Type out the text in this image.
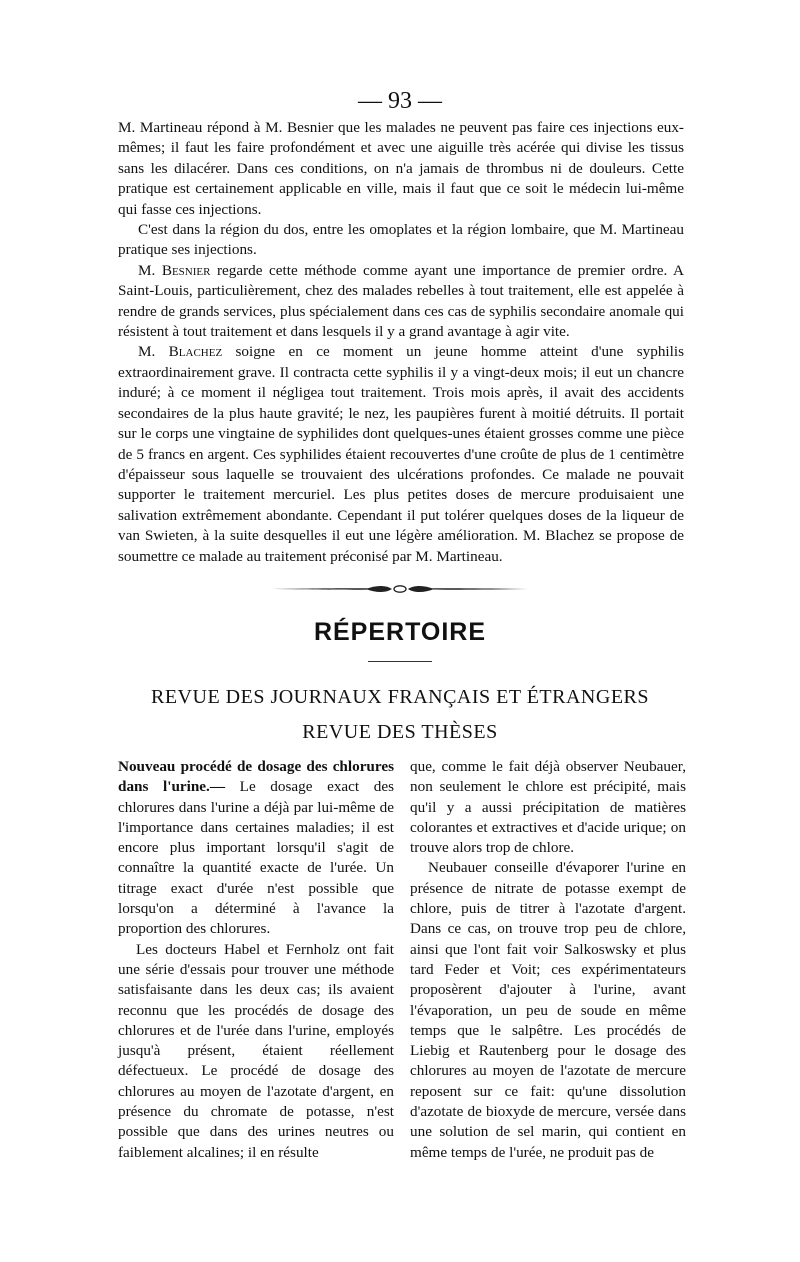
— 93 —

M. Martineau répond à M. Besnier que les malades ne peuvent pas faire ces injections eux-mêmes; il faut les faire profondément et avec une aiguille très acérée qui divise les tissus sans les dilacérer. Dans ces conditions, on n'a jamais de thrombus ni de douleurs. Cette pratique est certainement applicable en ville, mais il faut que ce soit le médecin lui-même qui fasse ces injections.

C'est dans la région du dos, entre les omoplates et la région lombaire, que M. Martineau pratique ses injections.

M. Besnier regarde cette méthode comme ayant une importance de premier ordre. A Saint-Louis, particulièrement, chez des malades rebelles à tout traitement, elle est appelée à rendre de grands services, plus spécialement dans ces cas de syphilis secondaire anomale qui résistent à tout traitement et dans lesquels il y a grand avantage à agir vite.

M. Blachez soigne en ce moment un jeune homme atteint d'une syphilis extraordinairement grave. Il contracta cette syphilis il y a vingt-deux mois; il eut un chancre induré; à ce moment il négligea tout traitement. Trois mois après, il avait des accidents secondaires de la plus haute gravité; le nez, les paupières furent à moitié détruits. Il portait sur le corps une vingtaine de syphilides dont quelques-unes étaient grosses comme une pièce de 5 francs en argent. Ces syphilides étaient recouvertes d'une croûte de plus de 1 centimètre d'épaisseur sous laquelle se trouvaient des ulcérations profondes. Ce malade ne pouvait supporter le traitement mercuriel. Les plus petites doses de mercure produisaient une salivation extrêmement abondante. Cependant il put tolérer quelques doses de la liqueur de van Swieten, à la suite desquelles il eut une légère amélioration. M. Blachez se propose de soumettre ce malade au traitement préconisé par M. Martineau.

RÉPERTOIRE
REVUE DES JOURNAUX FRANÇAIS ET ÉTRANGERS
REVUE DES THÈSES

Nouveau procédé de dosage des chlorures dans l'urine.— Le dosage exact des chlorures dans l'urine a déjà par lui-même de l'importance dans certaines maladies; il est encore plus important lorsqu'il s'agit de connaître la quantité exacte de l'urée. Un titrage exact d'urée n'est possible que lorsqu'on a déterminé à l'avance la proportion des chlorures.

Les docteurs Habel et Fernholz ont fait une série d'essais pour trouver une méthode satisfaisante dans les deux cas; ils avaient reconnu que les procédés de dosage des chlorures et de l'urée dans l'urine, employés jusqu'à présent, étaient réellement défectueux. Le procédé de dosage des chlorures au moyen de l'azotate d'argent, en présence du chromate de potasse, n'est possible que dans des urines neutres ou faiblement alcalines; il en résulte

que, comme le fait déjà observer Neubauer, non seulement le chlore est précipité, mais qu'il y a aussi précipitation de matières colorantes et extractives et d'acide urique; on trouve alors trop de chlore.

Neubauer conseille d'évaporer l'urine en présence de nitrate de potasse exempt de chlore, puis de titrer à l'azotate d'argent. Dans ce cas, on trouve trop peu de chlore, ainsi que l'ont fait voir Salkoswsky et plus tard Feder et Voit; ces expérimentateurs proposèrent d'ajouter à l'urine, avant l'évaporation, un peu de soude en même temps que le salpêtre. Les procédés de Liebig et Rautenberg pour le dosage des chlorures au moyen de l'azotate de mercure reposent sur ce fait: qu'une dissolution d'azotate de bioxyde de mercure, versée dans une solution de sel marin, qui contient en même temps de l'urée, ne produit pas de
